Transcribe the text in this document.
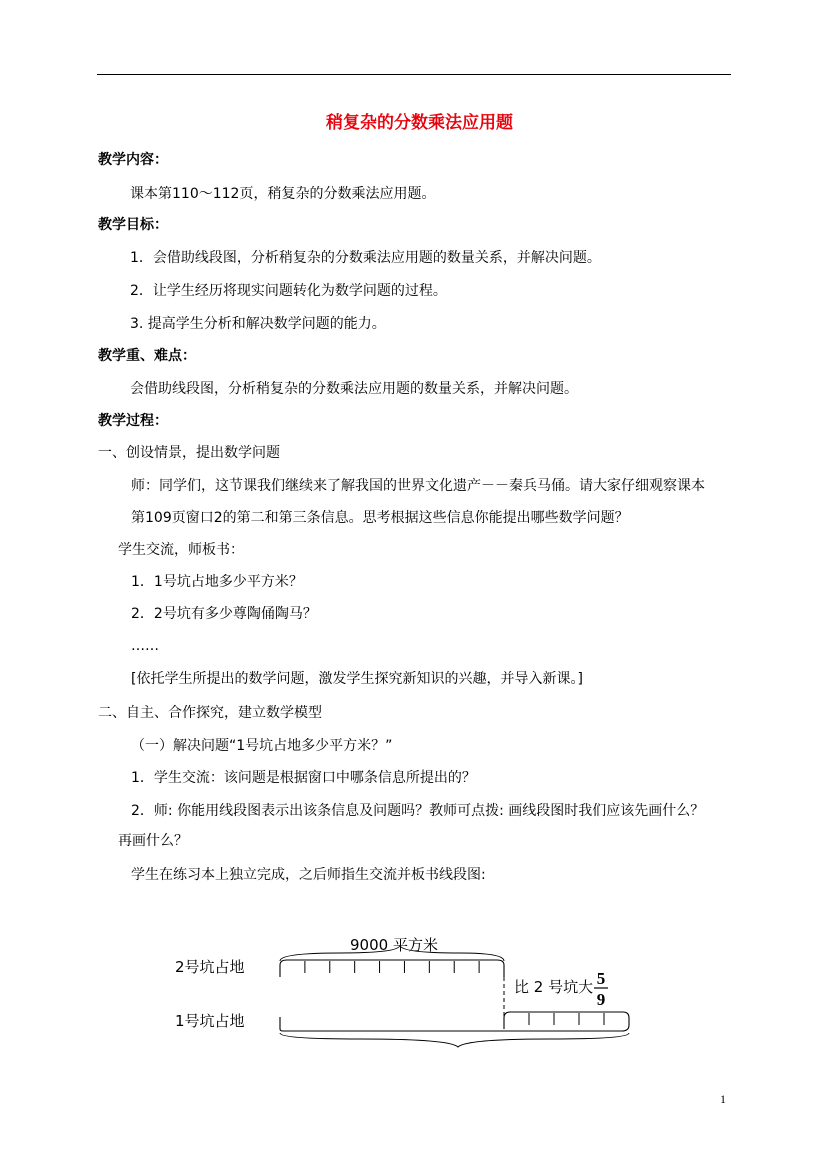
稍复杂的分数乘法应用题
教学内容：
课本第110～112页，稍复杂的分数乘法应用题。
教学目标：
1．会借助线段图，分析稍复杂的分数乘法应用题的数量关系，并解决问题。
2．让学生经历将现实问题转化为数学问题的过程。
3. 提高学生分析和解决数学问题的能力。
教学重、难点：
会借助线段图，分析稍复杂的分数乘法应用题的数量关系，并解决问题。
教学过程：
一、创设情景，提出数学问题
师：同学们，这节课我们继续来了解我国的世界文化遗产－－秦兵马俑。请大家仔细观察课本
第109页窗口2的第二和第三条信息。思考根据这些信息你能提出哪些数学问题？
学生交流，师板书：
1．1号坑占地多少平方米？
2．2号坑有多少尊陶俑陶马？
……
[依托学生所提出的数学问题，激发学生探究新知识的兴趣，并导入新课。]
二、自主、合作探究，建立数学模型
（一）解决问题“1号坑占地多少平方米？”
1．学生交流：该问题是根据窗口中哪条信息所提出的？
2．师: 你能用线段图表示出该条信息及问题吗？教师可点拨: 画线段图时我们应该先画什么？
再画什么？
学生在练习本上独立完成，之后师指生交流并板书线段图:
9000 平方米
2号坑占地
1号坑占地
比 2 号坑大 5
9
1
